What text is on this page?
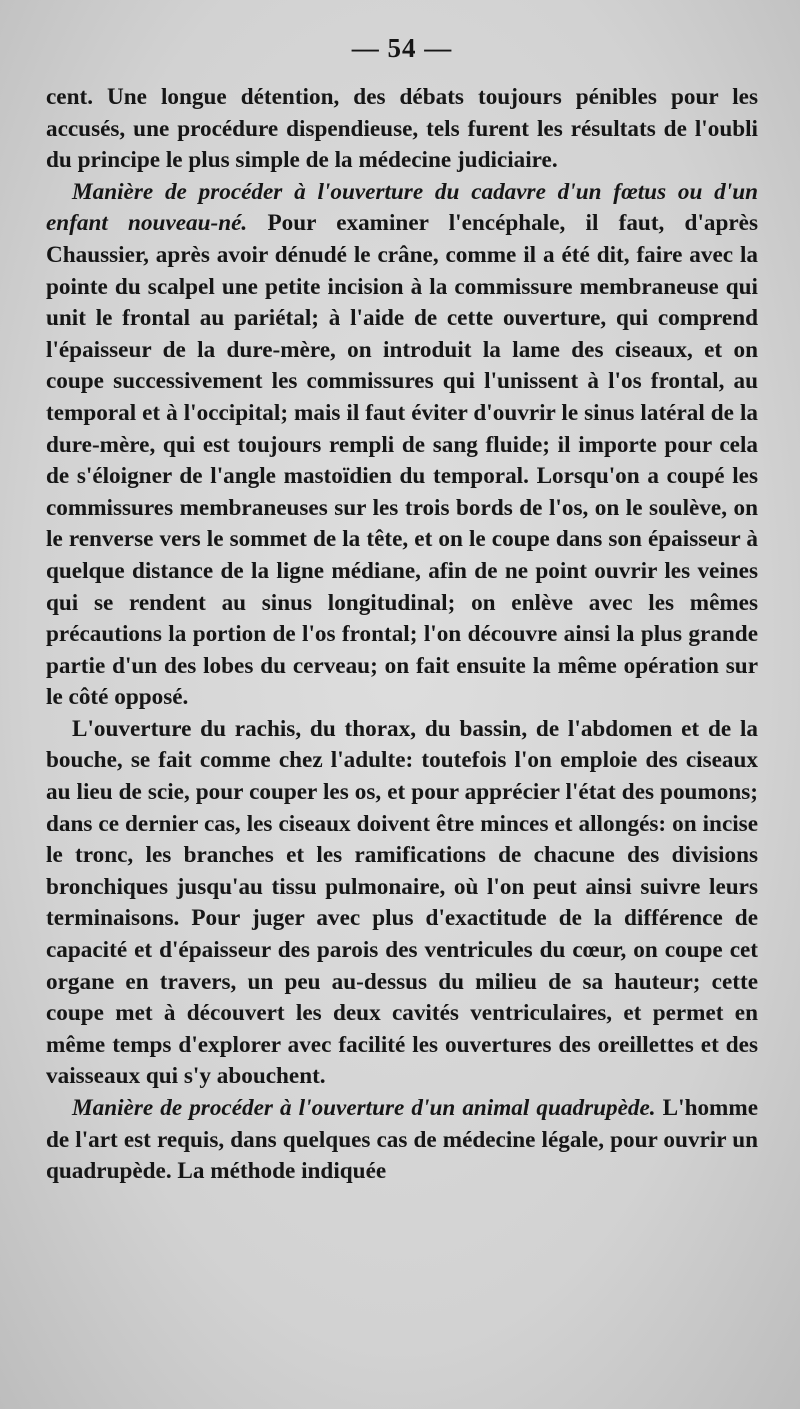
— 54 —

cent. Une longue détention, des débats toujours pénibles pour les accusés, une procédure dispendieuse, tels furent les résultats de l'oubli du principe le plus simple de la médecine judiciaire.

Manière de procéder à l'ouverture du cadavre d'un fœtus ou d'un enfant nouveau-né. Pour examiner l'encéphale, il faut, d'après Chaussier, après avoir dénudé le crâne, comme il a été dit, faire avec la pointe du scalpel une petite incision à la commissure membraneuse qui unit le frontal au pariétal; à l'aide de cette ouverture, qui comprend l'épaisseur de la dure-mère, on introduit la lame des ciseaux, et on coupe successivement les commissures qui l'unissent à l'os frontal, au temporal et à l'occipital; mais il faut éviter d'ouvrir le sinus latéral de la dure-mère, qui est toujours rempli de sang fluide; il importe pour cela de s'éloigner de l'angle mastoïdien du temporal. Lorsqu'on a coupé les commissures membraneuses sur les trois bords de l'os, on le soulève, on le renverse vers le sommet de la tête, et on le coupe dans son épaisseur à quelque distance de la ligne médiane, afin de ne point ouvrir les veines qui se rendent au sinus longitudinal; on enlève avec les mêmes précautions la portion de l'os frontal; l'on découvre ainsi la plus grande partie d'un des lobes du cerveau; on fait ensuite la même opération sur le côté opposé.

L'ouverture du rachis, du thorax, du bassin, de l'abdomen et de la bouche, se fait comme chez l'adulte: toutefois l'on emploie des ciseaux au lieu de scie, pour couper les os, et pour apprécier l'état des poumons; dans ce dernier cas, les ciseaux doivent être minces et allongés: on incise le tronc, les branches et les ramifications de chacune des divisions bronchiques jusqu'au tissu pulmonaire, où l'on peut ainsi suivre leurs terminaisons. Pour juger avec plus d'exactitude de la différence de capacité et d'épaisseur des parois des ventricules du cœur, on coupe cet organe en travers, un peu au-dessus du milieu de sa hauteur; cette coupe met à découvert les deux cavités ventriculaires, et permet en même temps d'explorer avec facilité les ouvertures des oreillettes et des vaisseaux qui s'y abouchent.

Manière de procéder à l'ouverture d'un animal quadrupède. L'homme de l'art est requis, dans quelques cas de médecine légale, pour ouvrir un quadrupède. La méthode indiquée
